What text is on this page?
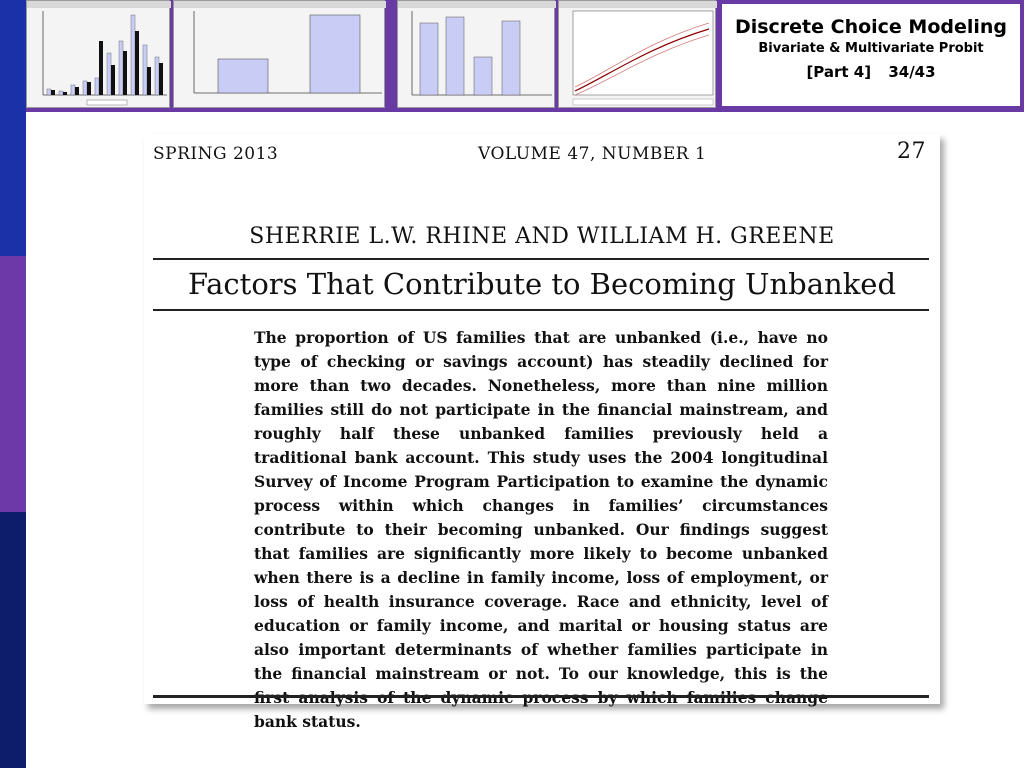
Discrete Choice Modeling
Bivariate & Multivariate Probit
[Part 4] 34/43
SPRING 2013	VOLUME 47, NUMBER 1	27
SHERRIE L.W. RHINE AND WILLIAM H. GREENE
Factors That Contribute to Becoming Unbanked
The proportion of US families that are unbanked (i.e., have no type of checking or savings account) has steadily declined for more than two decades. Nonetheless, more than nine million families still do not participate in the financial mainstream, and roughly half these unbanked families previously held a traditional bank account. This study uses the 2004 longitudinal Survey of Income Program Participation to examine the dynamic process within which changes in families’ circumstances contribute to their becoming unbanked. Our findings suggest that families are significantly more likely to become unbanked when there is a decline in family income, loss of employment, or loss of health insurance coverage. Race and ethnicity, level of education or family income, and marital or housing status are also important determinants of whether families participate in the financial mainstream or not. To our knowledge, this is the bank status.
